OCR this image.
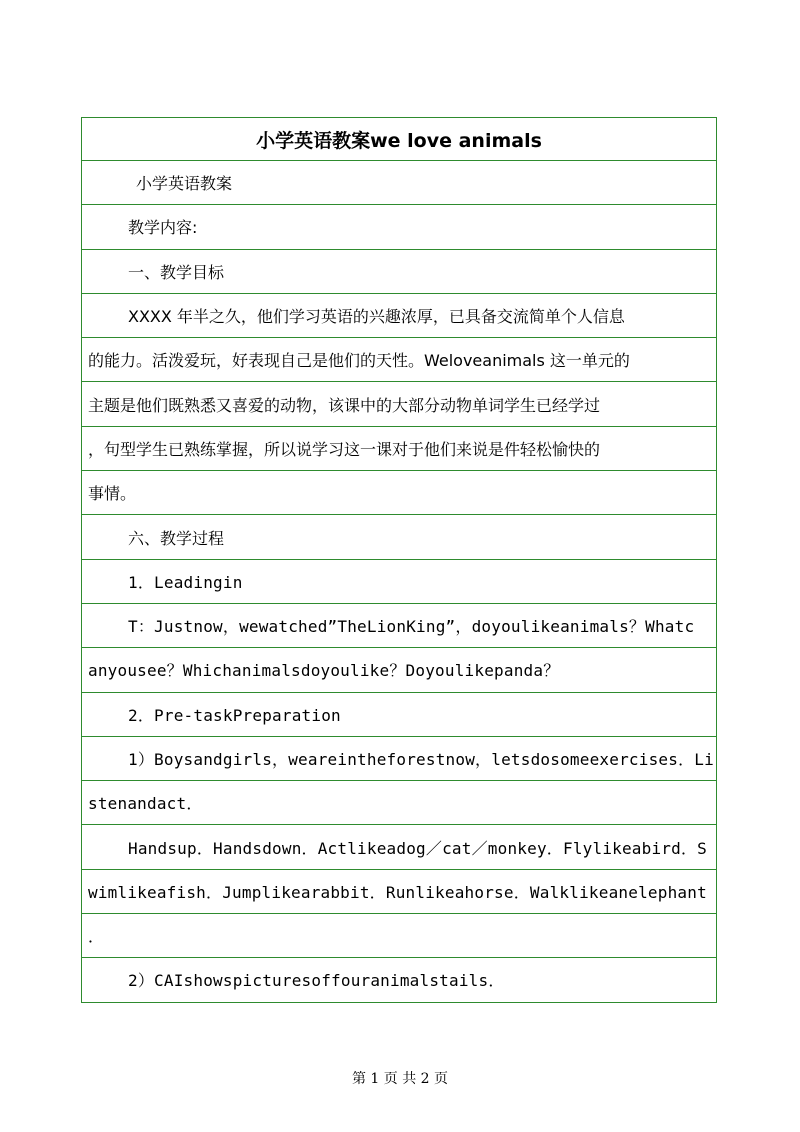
小学英语教案we love animals
小学英语教案
教学内容:
一、教学目标
XXXX 年半之久，他们学习英语的兴趣浓厚，已具备交流简单个人信息
的能力。活泼爱玩，好表现自己是他们的天性。Weloveanimals 这一单元的
主题是他们既熟悉又喜爱的动物，该课中的大部分动物单词学生已经学过
，句型学生已熟练掌握，所以说学习这一课对于他们来说是件轻松愉快的
事情。
六、教学过程
1．Leadingin
T：Justnow，wewatched”TheLionKing”，doyoulikeanimals？Whatc
anyousee？Whichanimalsdoyoulike？Doyoulikepanda？
2．Pre-taskPreparation
1）Boysandgirls，weareintheforestnow，letsdosomeexercises．Li
stenandact．
Handsup．Handsdown．Actlikeadog／cat／monkey．Flylikeabird．S
wimlikeafish．Jumplikearabbit．Runlikeahorse．Walklikeanelephant
．
2）CAIshowspicturesoffouranimalstails．
第 1 页 共 2 页
